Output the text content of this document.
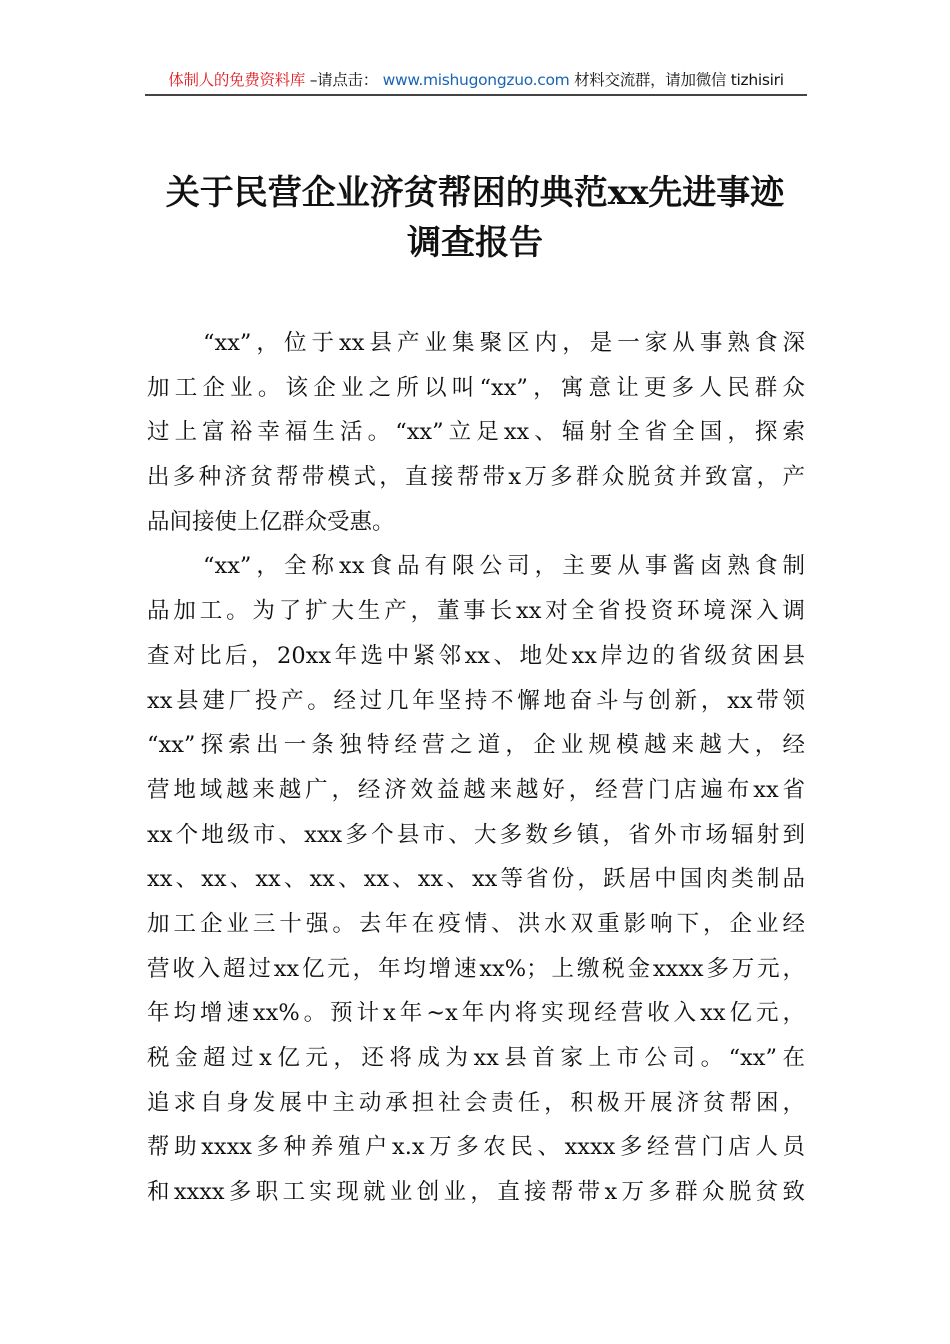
体制人的免费资料库 –请点击： www.mishugongzuo.com 材料交流群，请加微信 tizhisiri
关于民营企业济贫帮困的典范xx先进事迹
调查报告
“xx”，位于xx县产业集聚区内，是一家从事熟食深
加工企业。该企业之所以叫“xx”，寓意让更多人民群众
过上富裕幸福生活。“xx”立足xx、辐射全省全国，探索
出多种济贫帮带模式，直接帮带x万多群众脱贫并致富，产
品间接使上亿群众受惠。
“xx”，全称xx食品有限公司，主要从事酱卤熟食制
品加工。为了扩大生产，董事长xx对全省投资环境深入调
查对比后，20xx年选中紧邻xx、地处xx岸边的省级贫困县
xx县建厂投产。经过几年坚持不懈地奋斗与创新，xx带领
“xx”探索出一条独特经营之道，企业规模越来越大，经
营地域越来越广，经济效益越来越好，经营门店遍布xx省
xx个地级市、xxx多个县市、大多数乡镇，省外市场辐射到
xx、xx、xx、xx、xx、xx、xx等省份，跃居中国肉类制品
加工企业三十强。去年在疫情、洪水双重影响下，企业经
营收入超过xx亿元，年均增速xx%；上缴税金xxxx多万元，
年均增速xx%。预计x年~x年内将实现经营收入xx亿元，
税金超过x亿元，还将成为xx县首家上市公司。“xx”在
追求自身发展中主动承担社会责任，积极开展济贫帮困，
帮助xxxx多种养殖户x.x万多农民、xxxx多经营门店人员
和xxxx多职工实现就业创业，直接帮带x万多群众脱贫致
